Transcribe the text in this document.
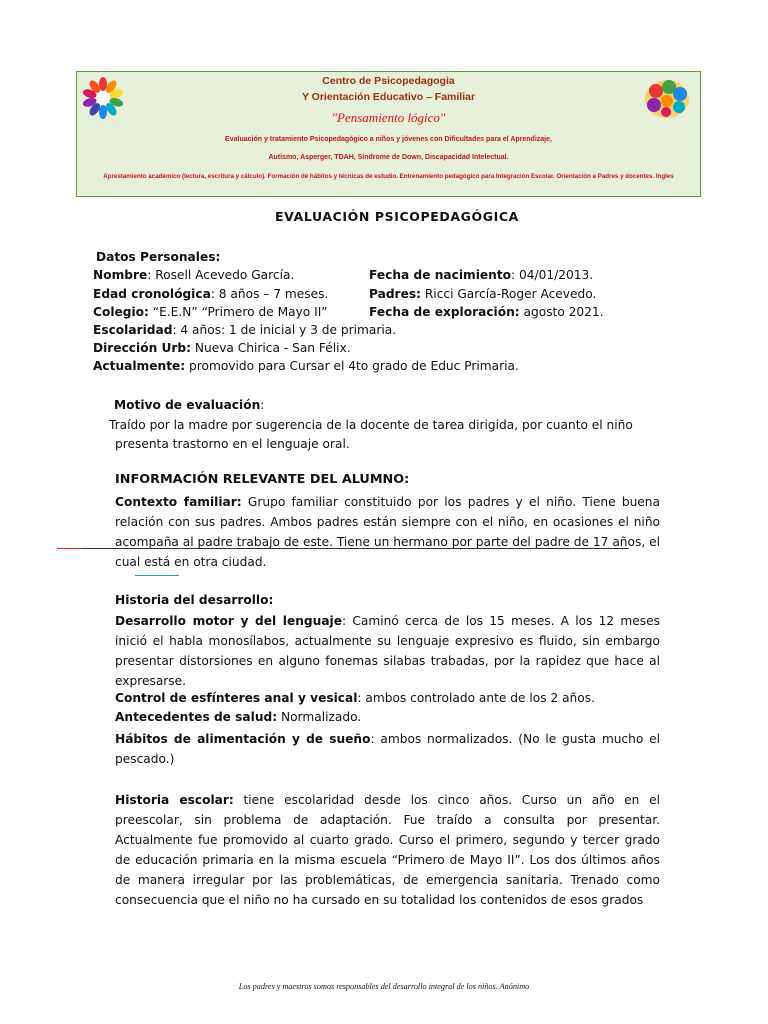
Centro de Psicopedagogia
Y Orientación Educativo – Familiar
"Pensamiento lógico"
Evaluación y tratamiento Psicopedagógico a niños y jóvenes con Dificultades para el Aprendizaje,
Autismo, Asperger, TDAH, Síndrome de Down, Discapacidad Intelectual.
Aprestamiento académico (lectura, escritura y cálculo). Formación de hábitos y técnicas de estudio. Entrenamiento pedagógico para Integración Escolar. Orientación a Padres y docentes. Ingles
EVALUACIÓN PSICOPEDAGÓGICA
Datos Personales:
Nombre: Rosell Acevedo García.
Edad cronológica: 8 años – 7 meses.
Colegio: “E.E.N” “Primero de Mayo II”
Escolaridad: 4 años: 1 de inicial y 3 de primaria.
Dirección Urb: Nueva Chirica - San Félix.
Actualmente: promovido para Cursar el 4to grado de Educ Primaria.
Fecha de nacimiento: 04/01/2013.
Padres: Ricci García-Roger Acevedo.
Fecha de exploración: agosto 2021.
Motivo de evaluación:
Traído por la madre por sugerencia de la docente de tarea dirigida, por cuanto el niño
presenta trastorno en el lenguaje oral.
INFORMACIÓN RELEVANTE DEL ALUMNO:

Contexto familiar: Grupo familiar constituido por los padres y el niño. Tiene buena relación con sus padres. Ambos padres están siempre con el niño, en ocasiones el niño acompaña al padre trabajo de este. Tiene un hermano por parte del padre de 17 años, el cual está en otra ciudad.

Historia del desarrollo:

Desarrollo motor y del lenguaje: Caminó cerca de los 15 meses. A los 12 meses inició el habla monosílabos, actualmente su lenguaje expresivo es fluido, sin embargo presentar distorsiones en alguno fonemas silabas trabadas, por la rapidez que hace al expresarse.

Control de esfínteres anal y vesical: ambos controlado ante de los 2 años.
Antecedentes de salud: Normalizado.

Hábitos de alimentación y de sueño: ambos normalizados. (No le gusta mucho el pescado.)

Historia escolar: tiene escolaridad desde los cinco años. Curso un año en el preescolar, sin problema de adaptación. Fue traído a consulta por presentar. Actualmente fue promovido al cuarto grado. Curso el primero, segundo y tercer grado de educación primaria en la misma escuela “Primero de Mayo II”. Los dos últimos años de manera irregular por las problemáticas, de emergencia sanitaria. Trenado como consecuencia que el niño no ha cursado en su totalidad los contenidos de esos grados

Los padres y maestros somos responsables del desarrollo integral de los niños. Anónimo
